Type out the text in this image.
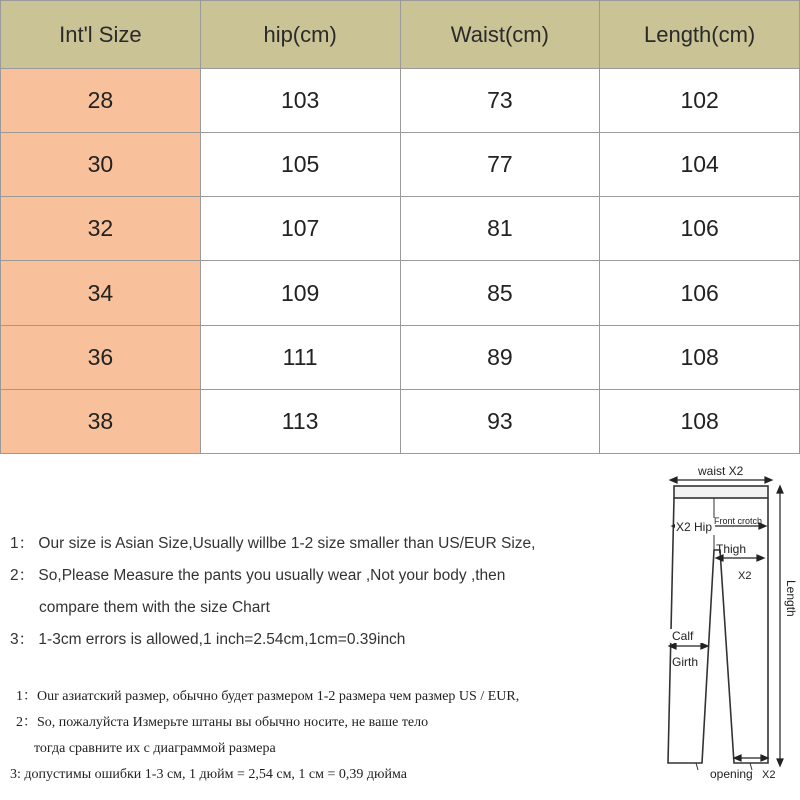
Int'l Size	hip(cm)	Waist(cm)	Length(cm)
28	103	73	102
30	105	77	104
32	107	81	106
34	109	85	106
36	111	89	108
38	113	93	108
1： Our size is Asian Size,Usually willbe 1-2 size smaller than US/EUR Size,
2： So,Please Measure the pants you usually wear ,Not your body ,then
compare them with the size Chart
3： 1-3cm errors is allowed,1 inch=2.54cm,1cm=0.39inch
1：Our азиатский размер, обычно будет размером 1-2 размера чем размер US / EUR,
2：So, пожалуйста Измерьте штаны вы обычно носите, не ваше тело
тогда сравните их с диаграммой размера
3: допустимы ошибки 1-3 см, 1 дюйм = 2,54 см, 1 см = 0,39 дюйма
waist X2
X2 Hip Front crotch
Thigh
X2
Length
Calf
Girth
opening X2
